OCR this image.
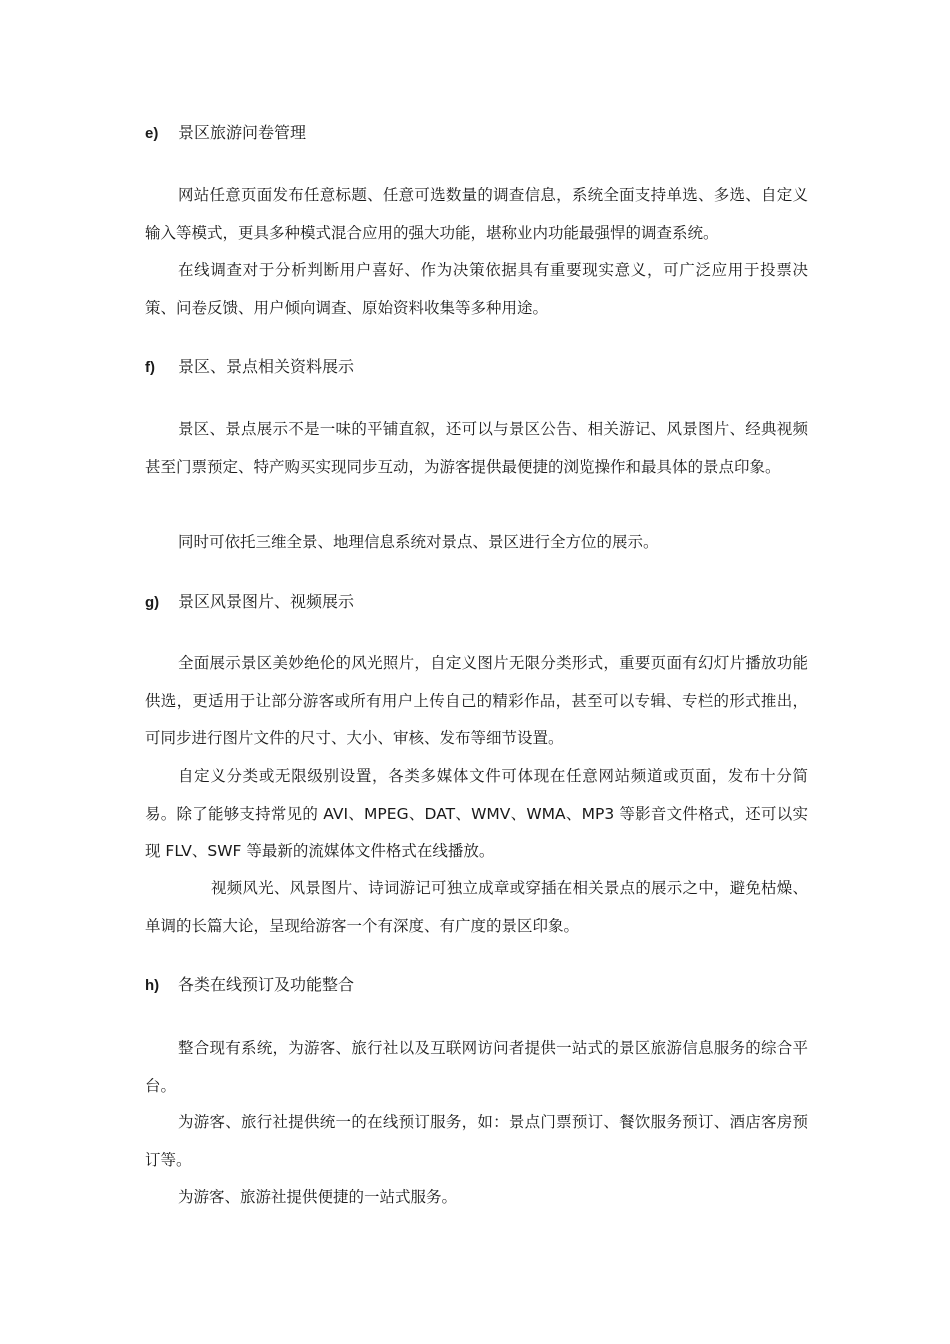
e) 景区旅游问卷管理

网站任意页面发布任意标题、任意可选数量的调查信息，系统全面支持单选、多选、自定义输入等模式，更具多种模式混合应用的强大功能，堪称业内功能最强悍的调查系统。

在线调查对于分析判断用户喜好、作为决策依据具有重要现实意义，可广泛应用于投票决策、问卷反馈、用户倾向调查、原始资料收集等多种用途。

f) 景区、景点相关资料展示

景区、景点展示不是一味的平铺直叙，还可以与景区公告、相关游记、风景图片、经典视频甚至门票预定、特产购买实现同步互动，为游客提供最便捷的浏览操作和最具体的景点印象。

同时可依托三维全景、地理信息系统对景点、景区进行全方位的展示。

g) 景区风景图片、视频展示

全面展示景区美妙绝伦的风光照片，自定义图片无限分类形式，重要页面有幻灯片播放功能供选，更适用于让部分游客或所有用户上传自己的精彩作品，甚至可以专辑、专栏的形式推出，可同步进行图片文件的尺寸、大小、审核、发布等细节设置。

自定义分类或无限级别设置，各类多媒体文件可体现在任意网站频道或页面，发布十分简易。除了能够支持常见的 AVI、MPEG、DAT、WMV、WMA、MP3 等影音文件格式，还可以实现 FLV、SWF 等最新的流媒体文件格式在线播放。

视频风光、风景图片、诗词游记可独立成章或穿插在相关景点的展示之中，避免枯燥、单调的长篇大论，呈现给游客一个有深度、有广度的景区印象。

h) 各类在线预订及功能整合

整合现有系统，为游客、旅行社以及互联网访问者提供一站式的景区旅游信息服务的综合平台。

为游客、旅行社提供统一的在线预订服务，如：景点门票预订、餐饮服务预订、酒店客房预订等。

为游客、旅游社提供便捷的一站式服务。
